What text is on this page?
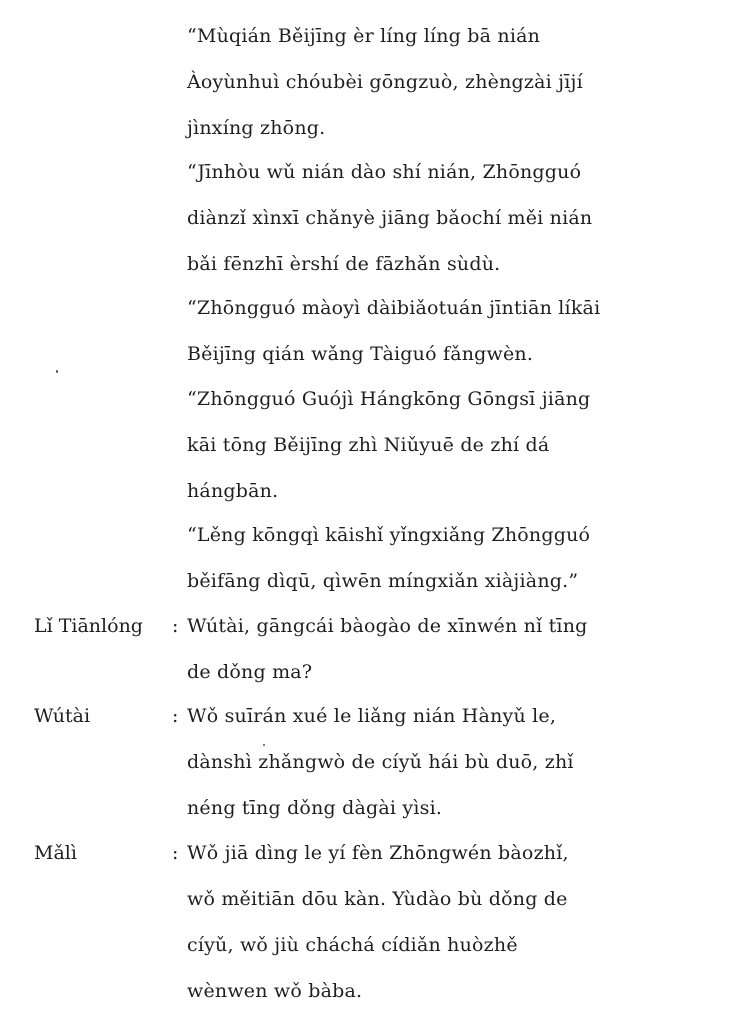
“Mùqián Běijīng èr líng líng bā nián
Àoyùnhuì chóubèi gōngzuò, zhèngzài jījí
jìnxíng zhōng.
“Jīnhòu wǔ nián dào shí nián, Zhōngguó
diànzǐ xìnxī chǎnyè jiāng bǎochí měi nián
bǎi fēnzhī èrshí de fāzhǎn sùdù.
“Zhōngguó màoyì dàibiǎotuán jīntiān líkāi
Běijīng qián wǎng Tàiguó fǎngwèn.
“Zhōngguó Guójì Hángkōng Gōngsī jiāng
kāi tōng Běijīng zhì Niǔyuē de zhí dá
hángbān.
“Lěng kōngqì kāishǐ yǐngxiǎng Zhōngguó
běifāng dìqū, qìwēn míngxiǎn xiàjiàng.”
Lǐ Tiānlóng : Wútài, gāngcái bàogào de xīnwén nǐ tīng
de dǒng ma?
Wútài	: Wǒ suīrán xué le liǎng nián Hànyǔ le,
dànshì zhǎngwò de cíyǔ hái bù duō, zhǐ
néng tīng dǒng dàgài yìsi.
Mǎlì	: Wǒ jiā dìng le yí fèn Zhōngwén bàozhǐ,
wǒ měitiān dōu kàn. Yùdào bù dǒng de
cíyǔ, wǒ jiù cháchá cídiǎn huòzhě
wènwen wǒ bàba.
